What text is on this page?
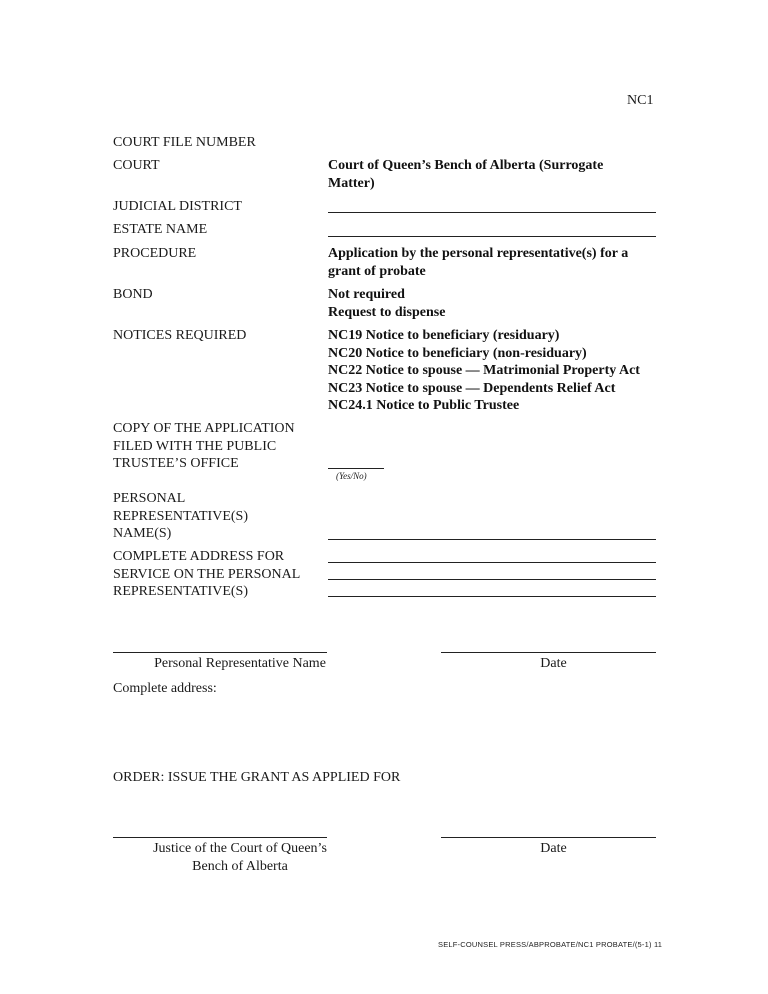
NC1
COURT FILE NUMBER
COURT	Court of Queen’s Bench of Alberta (Surrogate
Matter)
JUDICIAL DISTRICT
ESTATE NAME
PROCEDURE	Application by the personal representative(s) for a
grant of probate
BOND	Not required
Request to dispense
NOTICES REQUIRED	NC19 Notice to beneficiary (residuary)
NC20 Notice to beneficiary (non-residuary)
NC22 Notice to spouse — Matrimonial Property Act
NC23 Notice to spouse — Dependents Relief Act
NC24.1 Notice to Public Trustee
COPY OF THE APPLICATION
FILED WITH THE PUBLIC
TRUSTEE’S OFFICE
(Yes/No)
PERSONAL
REPRESENTATIVE(S)
NAME(S)
COMPLETE ADDRESS FOR
SERVICE ON THE PERSONAL
REPRESENTATIVE(S)
Personal Representative Name	Date
Complete address:
ORDER: ISSUE THE GRANT AS APPLIED FOR
Justice of the Court of Queen’s
Bench of Alberta
Date
SELF-COUNSEL PRESS/ABPROBATE/NC1 PROBATE/(5-1) 11
